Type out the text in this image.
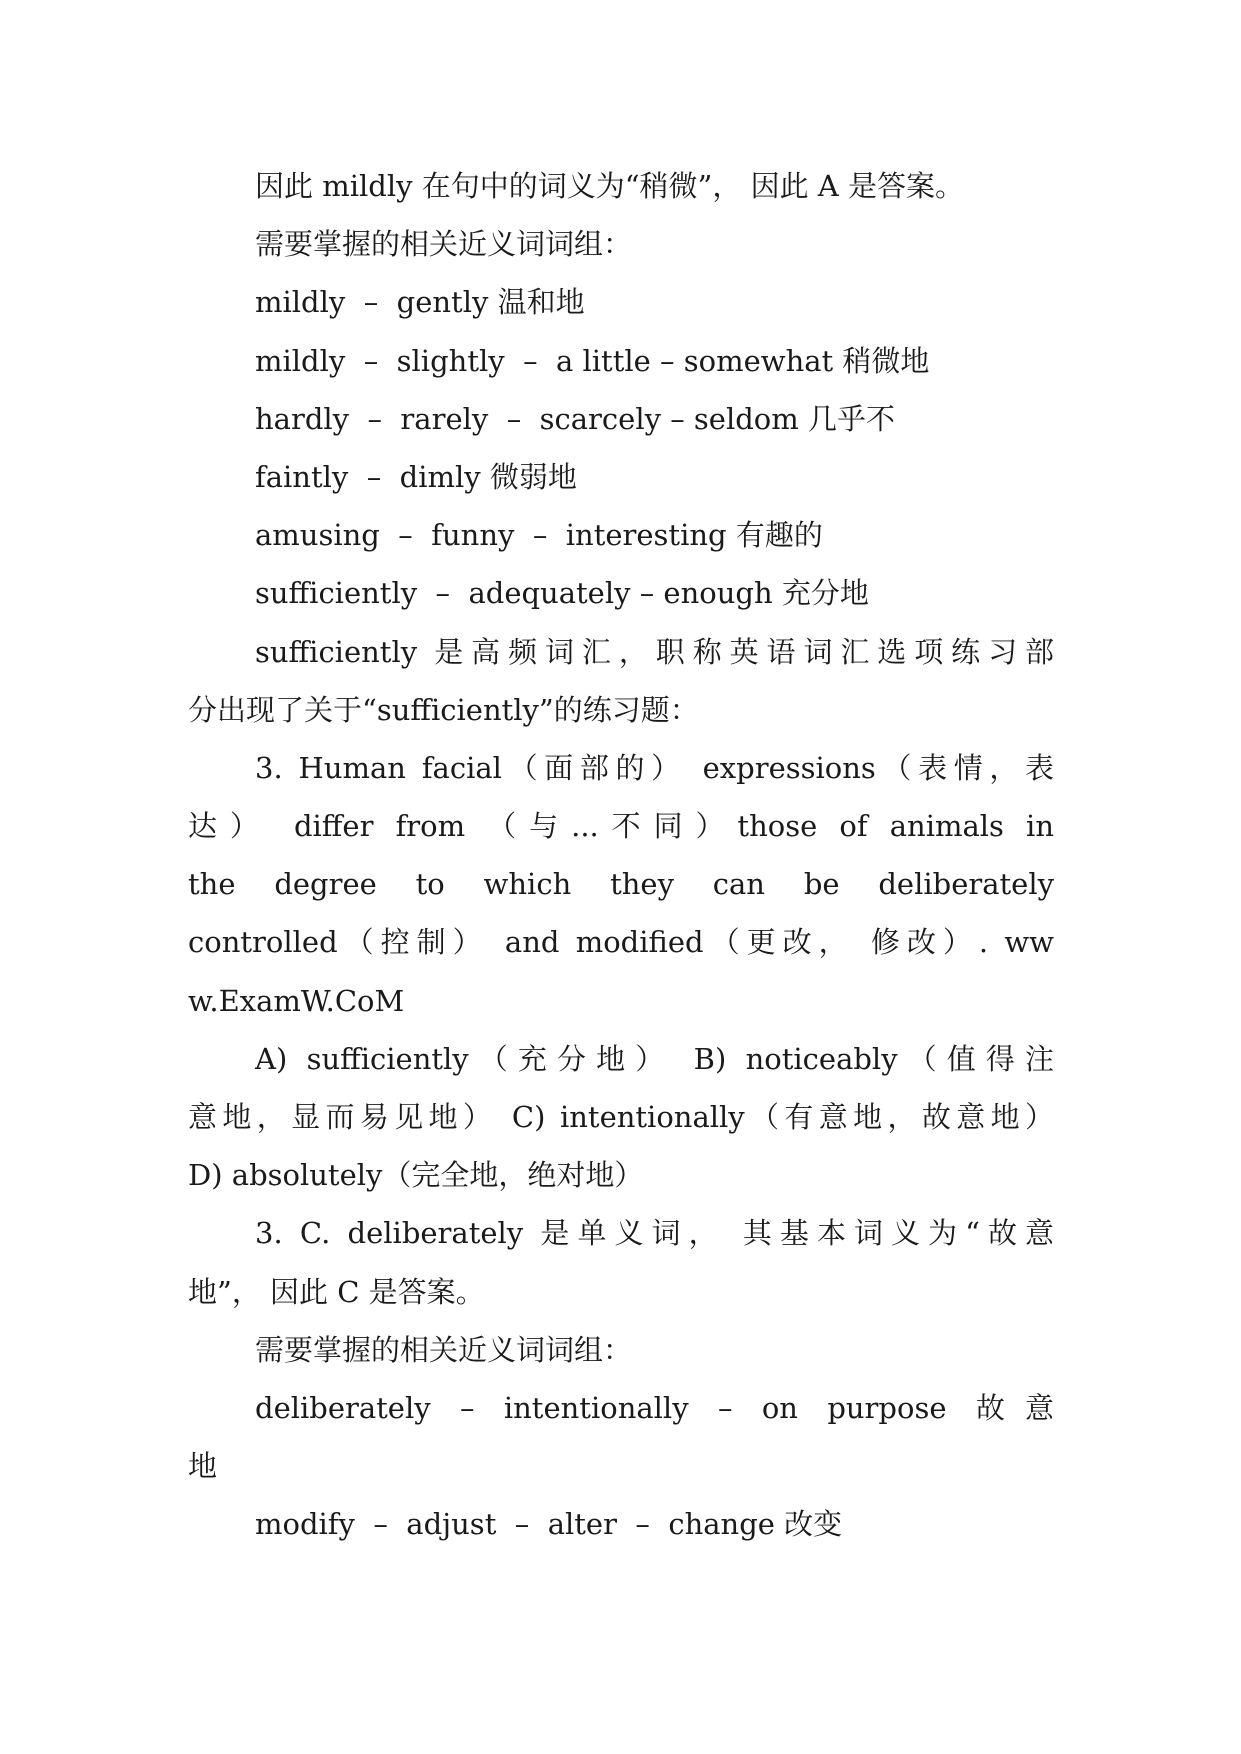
因此 mildly 在句中的词义为“稍微”， 因此 A 是答案。
需要掌握的相关近义词词组：
mildly  –  gently 温和地
mildly  –  slightly  –  a little – somewhat 稍微地
hardly  –  rarely  –  scarcely – seldom 几乎不
faintly  –  dimly 微弱地
amusing  –  funny  –  interesting 有趣的
sufficiently  –  adequately – enough 充分地
sufficiently 是高频词汇，职称英语词汇选项练习部
分出现了关于“sufficiently”的练习题：
3. Human facial（面部的） expressions（表情，表
达） differ from （与...不同）those of animals in
the degree to which they can be deliberately
controlled（控制） and modified（更改， 修改）. ww
w.ExamW.CoM
A) sufficiently（充分地） B) noticeably（值得注
意地，显而易见地） C) intentionally（有意地，故意地）
D) absolutely（完全地，绝对地）
3. C. deliberately 是单义词， 其基本词义为“故意
地”， 因此 C 是答案。
需要掌握的相关近义词词组：
deliberately – intentionally – on purpose 故意
地
modify  –  adjust  –  alter  –  change 改变
